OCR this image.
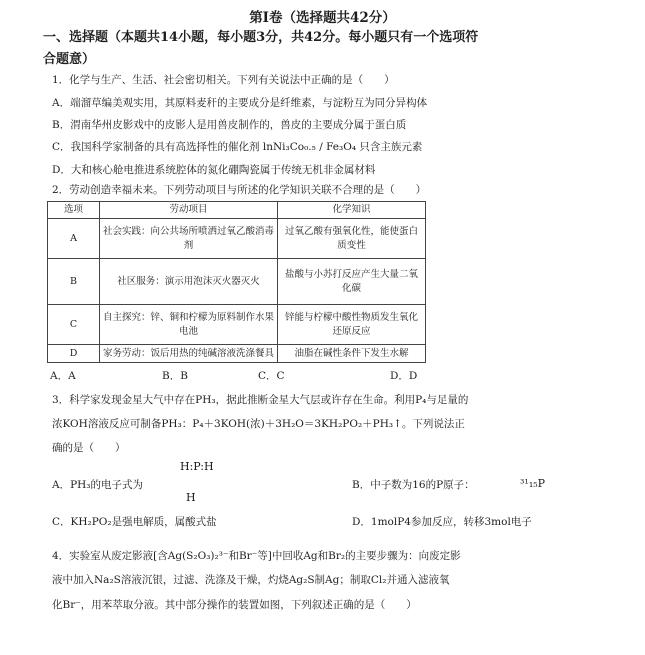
第Ⅰ卷（选择题共42分）
一、选择题（本题共14小题，每小题3分，共42分。每小题只有一个选项符
合题意）
1．化学与生产、生活、社会密切相关。下列有关说法中正确的是（　　）
A．端溜草编美观实用，其原料麦秆的主要成分是纤维素，与淀粉互为同分异构体
B．渭南华州皮影戏中的皮影人是用兽皮制作的，兽皮的主要成分属于蛋白质
C．我国科学家制备的具有高选择性的催化剂 lnNi₃Co₀.₅ / Fe₃O₄ 只含主族元素
D．大和核心舱电推进系统腔体的氮化硼陶瓷属于传统无机非金属材料
2．劳动创造幸福未来。下列劳动项目与所述的化学知识关联不合理的是（　　）
选项	劳动项目	化学知识
A	社会实践：向公共场所喷洒过氧乙酸消毒剂	过氧乙酸有强氧化性，能使蛋白质变性
B	社区服务：演示用泡沫灭火器灭火	盐酸与小苏打反应产生大量二氧化碳
C	自主探究：锌、铜和柠檬为原料制作水果电池	锌能与柠檬中酸性物质发生氧化还原反应
D	家务劳动：饭后用热的纯碱溶液洗涤餐具	油脂在碱性条件下发生水解
A．A	B．B	C．C	D．D
3．科学家发现金星大气中存在PH₃，据此推断金星大气层或许存在生命。利用P₄与足量的
浓KOH溶液反应可制备PH₃：P₄＋3KOH(浓)＋3H₂O＝3KH₂PO₂＋PH₃↑。下列说法正
确的是（　　）
A．PH₃的电子式为
H:P:H
H
B．中子数为16的P原子：	³¹₁₅P
C．KH₂PO₂是强电解质，属酸式盐	D．1molP4参加反应，转移3mol电子
4．实验室从废定影液[含Ag(S₂O₃)₂³⁻和Br⁻等]中回收Ag和Br₂的主要步骤为：向废定影
液中加入Na₂S溶液沉银，过滤、洗涤及干燥，灼烧Ag₂S制Ag；制取Cl₂并通入滤液氧
化Br⁻，用苯萃取分液。其中部分操作的装置如图，下列叙述正确的是（　　）
